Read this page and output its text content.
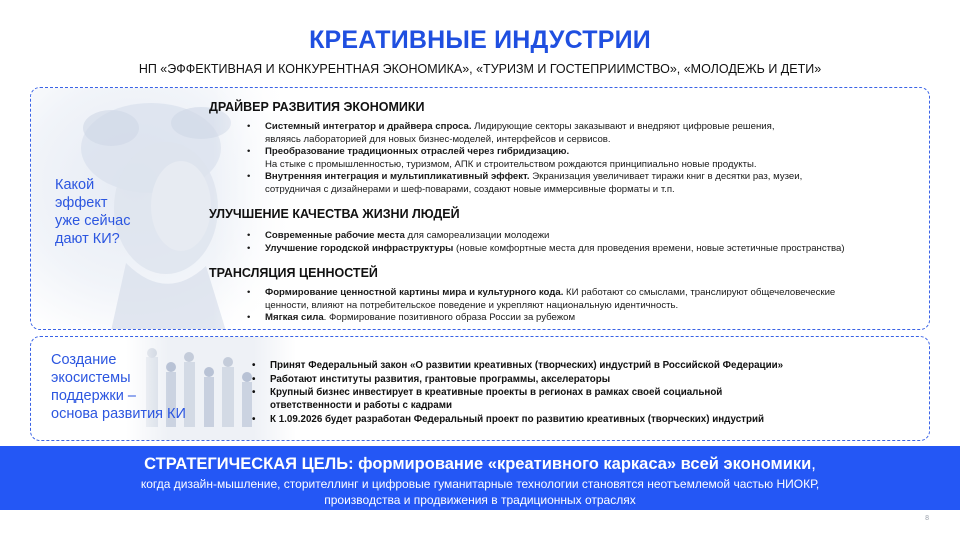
КРЕАТИВНЫЕ ИНДУСТРИИ
НП «ЭФФЕКТИВНАЯ И КОНКУРЕНТНАЯ ЭКОНОМИКА», «ТУРИЗМ И ГОСТЕПРИИМСТВО», «МОЛОДЕЖЬ И ДЕТИ»
Какой
эффект
уже сейчас
дают КИ?
ДРАЙВЕР РАЗВИТИЯ ЭКОНОМИКИ
• Системный интегратор и драйвера спроса. Лидирующие секторы заказывают и внедряют цифровые решения,
являясь лабораторией для новых бизнес-моделей, интерфейсов и сервисов.
• Преобразование традиционных отраслей через гибридизацию.
На стыке с промышленностью, туризмом, АПК и строительством рождаются принципиально новые продукты.
• Внутренняя интеграция и мультипликативный эффект. Экранизация увеличивает тиражи книг в десятки раз, музеи,
сотрудничая с дизайнерами и шеф-поварами, создают новые иммерсивные форматы и т.п.
УЛУЧШЕНИЕ КАЧЕСТВА ЖИЗНИ ЛЮДЕЙ
• Современные рабочие места для самореализации молодежи
• Улучшение городской инфраструктуры (новые комфортные места для проведения времени, новые эстетичные пространства)
ТРАНСЛЯЦИЯ ЦЕННОСТЕЙ
• Формирование ценностной картины мира и культурного кода. КИ работают со смыслами, транслируют общечеловеческие
ценности, влияют на потребительское поведение и укрепляют национальную идентичность.
• Мягкая сила. Формирование позитивного образа России за рубежом
Создание
экосистемы
поддержки –
основа развития КИ
• Принят Федеральный закон «О развитии креативных (творческих) индустрий в Российской Федерации»
• Работают институты развития, грантовые программы, акселераторы
• Крупный бизнес инвестирует в креативные проекты в регионах в рамках своей социальной
ответственности и работы с кадрами
• К 1.09.2026 будет разработан Федеральный проект по развитию креативных (творческих) индустрий
СТРАТЕГИЧЕСКАЯ ЦЕЛЬ: формирование «креативного каркаса» всей экономики,
когда дизайн-мышление, сторителлинг и цифровые гуманитарные технологии становятся неотъемлемой частью НИОКР,
производства и продвижения в традиционных отраслях
8
